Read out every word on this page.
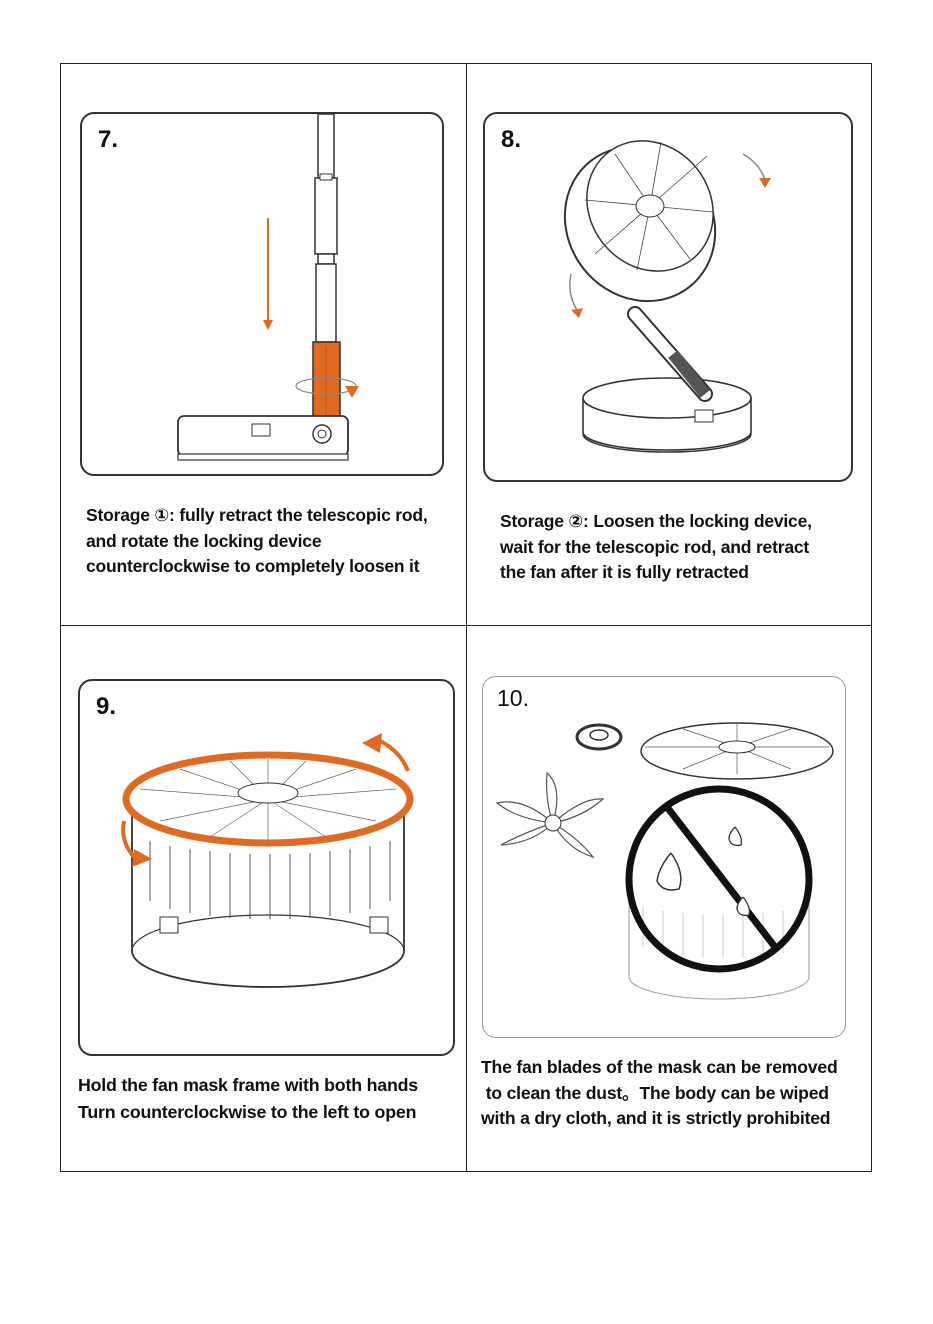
7.
Storage ①: fully retract the telescopic rod,
and rotate the locking device
counterclockwise to completely loosen it
8.
Storage ②: Loosen the locking device,
wait for the telescopic rod, and retract
the fan after it is fully retracted
9.
Hold the fan mask frame with both hands
Turn counterclockwise to the left to open
10.
The fan blades of the mask can be removed
to clean the dust。The body can be wiped
with a dry cloth, and it is strictly prohibited
